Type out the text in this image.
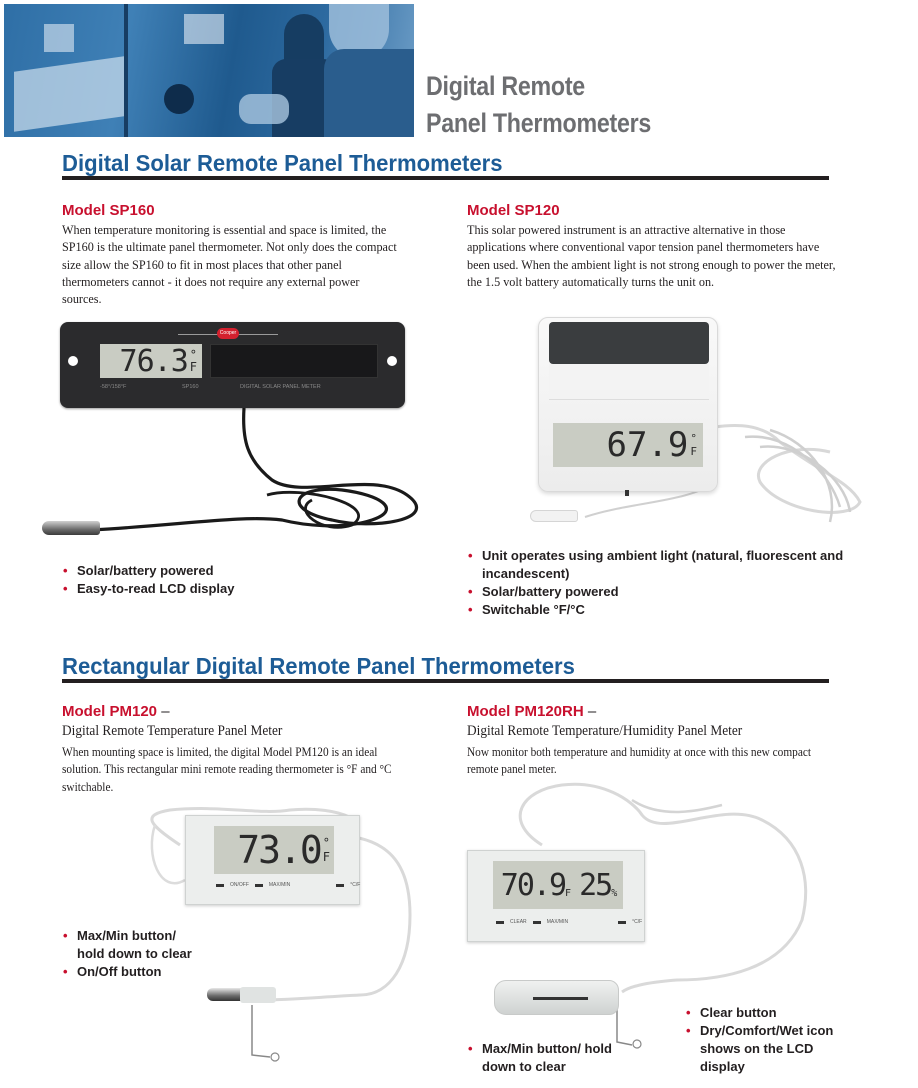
Digital Remote
Panel Thermometers
Digital Solar Remote Panel Thermometers
Model SP160

When temperature monitoring is essential and space is limited, the SP160 is the ultimate panel thermometer. Not only does the compact size allow the SP160 to fit in most places that other panel thermometers cannot - it does not require any external power sources.

Cooper
76.3 °
F
-58°/158°F	SP160	DIGITAL SOLAR PANEL METER
• Solar/battery powered
• Easy-to-read LCD display
Model SP120

This solar powered instrument is an attractive alternative in those applications where conventional vapor tension panel thermometers have been used. When the ambient light is not strong enough to power the meter, the 1.5 volt battery automatically turns the unit on.

67.9 °
F
• Unit operates using ambient light (natural, fluorescent and incandescent)
• Solar/battery powered
• Switchable °F/°C
Rectangular Digital Remote Panel Thermometers
Model PM120 –
Digital Remote Temperature Panel Meter

When mounting space is limited, the digital Model PM120 is an ideal solution. This rectangular mini remote reading thermometer is °F and °C switchable.

73.0 °
F
ON/OFF	MAX/MIN	°C/F
• Max/Min button/ hold down to clear
• On/Off button
Model PM120RH –
Digital Remote Temperature/Humidity Panel Meter

Now monitor both temperature and humidity at once with this new compact remote panel meter.

70.9 F 25 %
CLEAR	MAX/MIN	°C/F
• Max/Min button/ hold down to clear
• Clear button
• Dry/Comfort/Wet icon shows on the LCD display
